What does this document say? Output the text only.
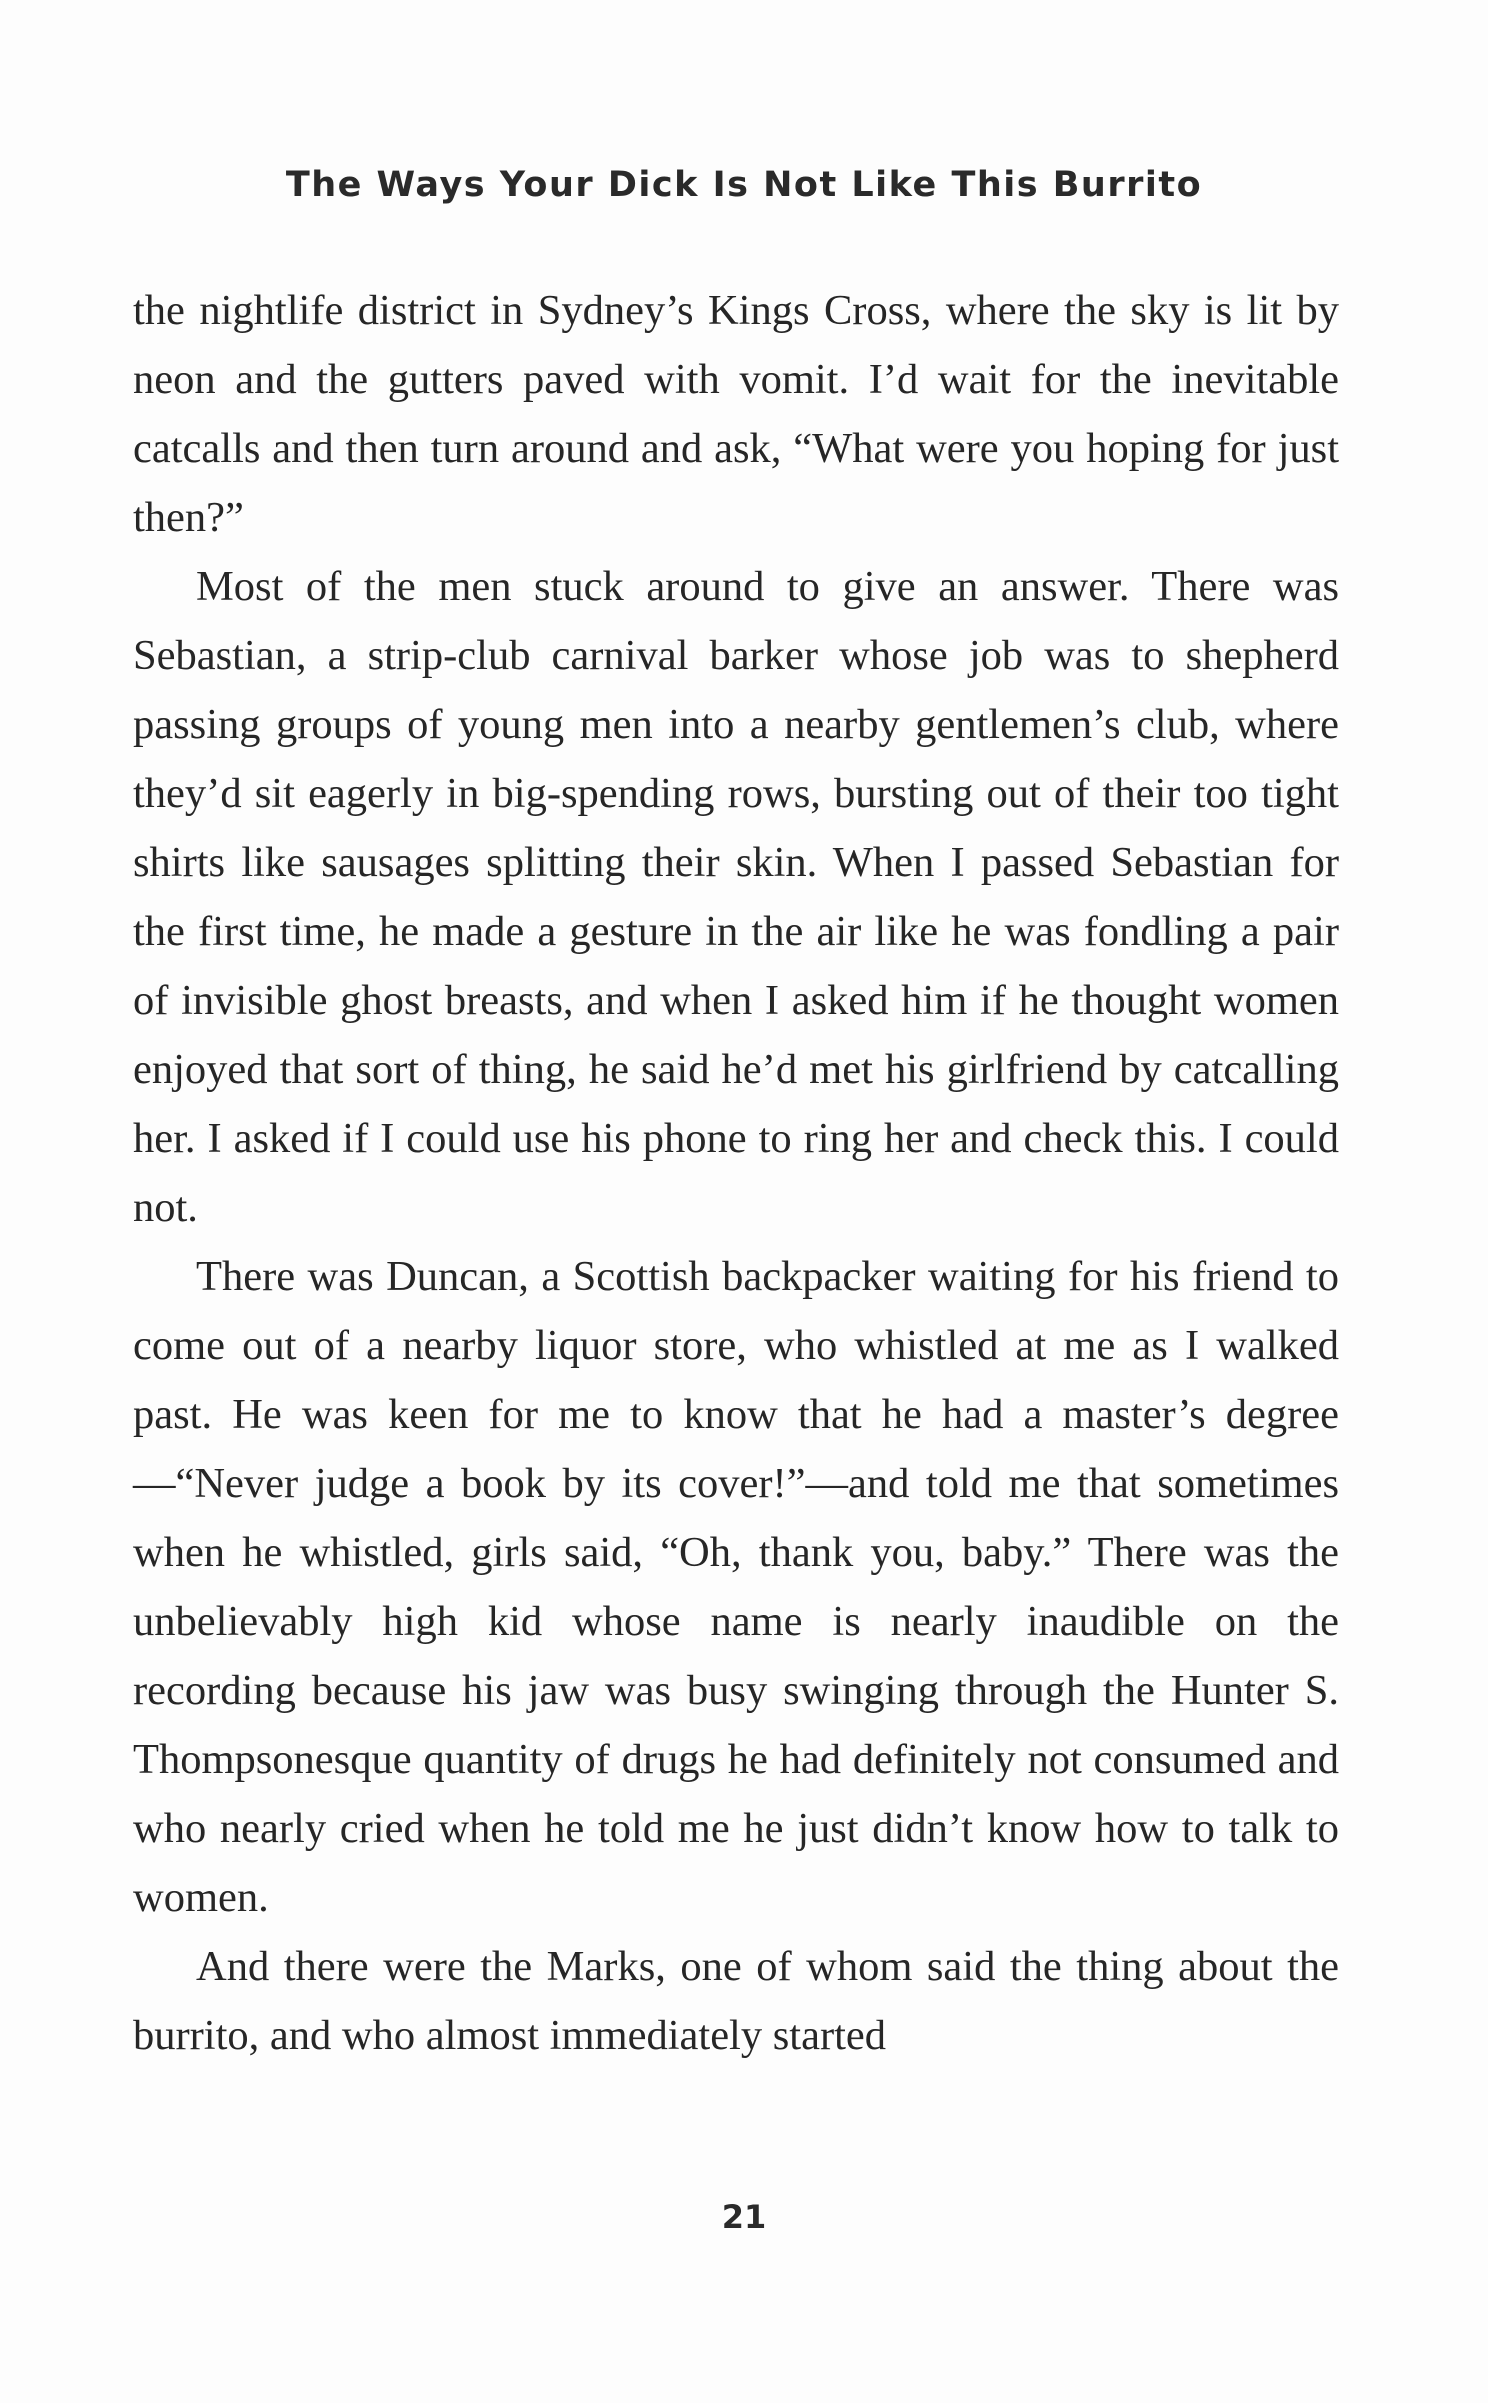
The Ways Your Dick Is Not Like This Burrito

the nightlife district in Sydney’s Kings Cross, where the sky is lit by neon and the gutters paved with vomit. I’d wait for the inevitable catcalls and then turn around and ask, “What were you hoping for just then?”

Most of the men stuck around to give an answer. There was Sebastian, a strip-club carnival barker whose job was to shepherd passing groups of young men into a nearby gentlemen’s club, where they’d sit eagerly in big-spending rows, bursting out of their too tight shirts like sausages splitting their skin. When I passed Sebastian for the first time, he made a gesture in the air like he was fondling a pair of invisible ghost breasts, and when I asked him if he thought women enjoyed that sort of thing, he said he’d met his girlfriend by catcalling her. I asked if I could use his phone to ring her and check this. I could not.

There was Duncan, a Scottish backpacker waiting for his friend to come out of a nearby liquor store, who whistled at me as I walked past. He was keen for me to know that he had a master’s degree—“Never judge a book by its cover!”—and told me that sometimes when he whistled, girls said, “Oh, thank you, baby.” There was the unbelievably high kid whose name is nearly inaudible on the recording because his jaw was busy swinging through the Hunter S. Thompsonesque quantity of drugs he had definitely not consumed and who nearly cried when he told me he just didn’t know how to talk to women.

And there were the Marks, one of whom said the thing about the burrito, and who almost immediately started

21
